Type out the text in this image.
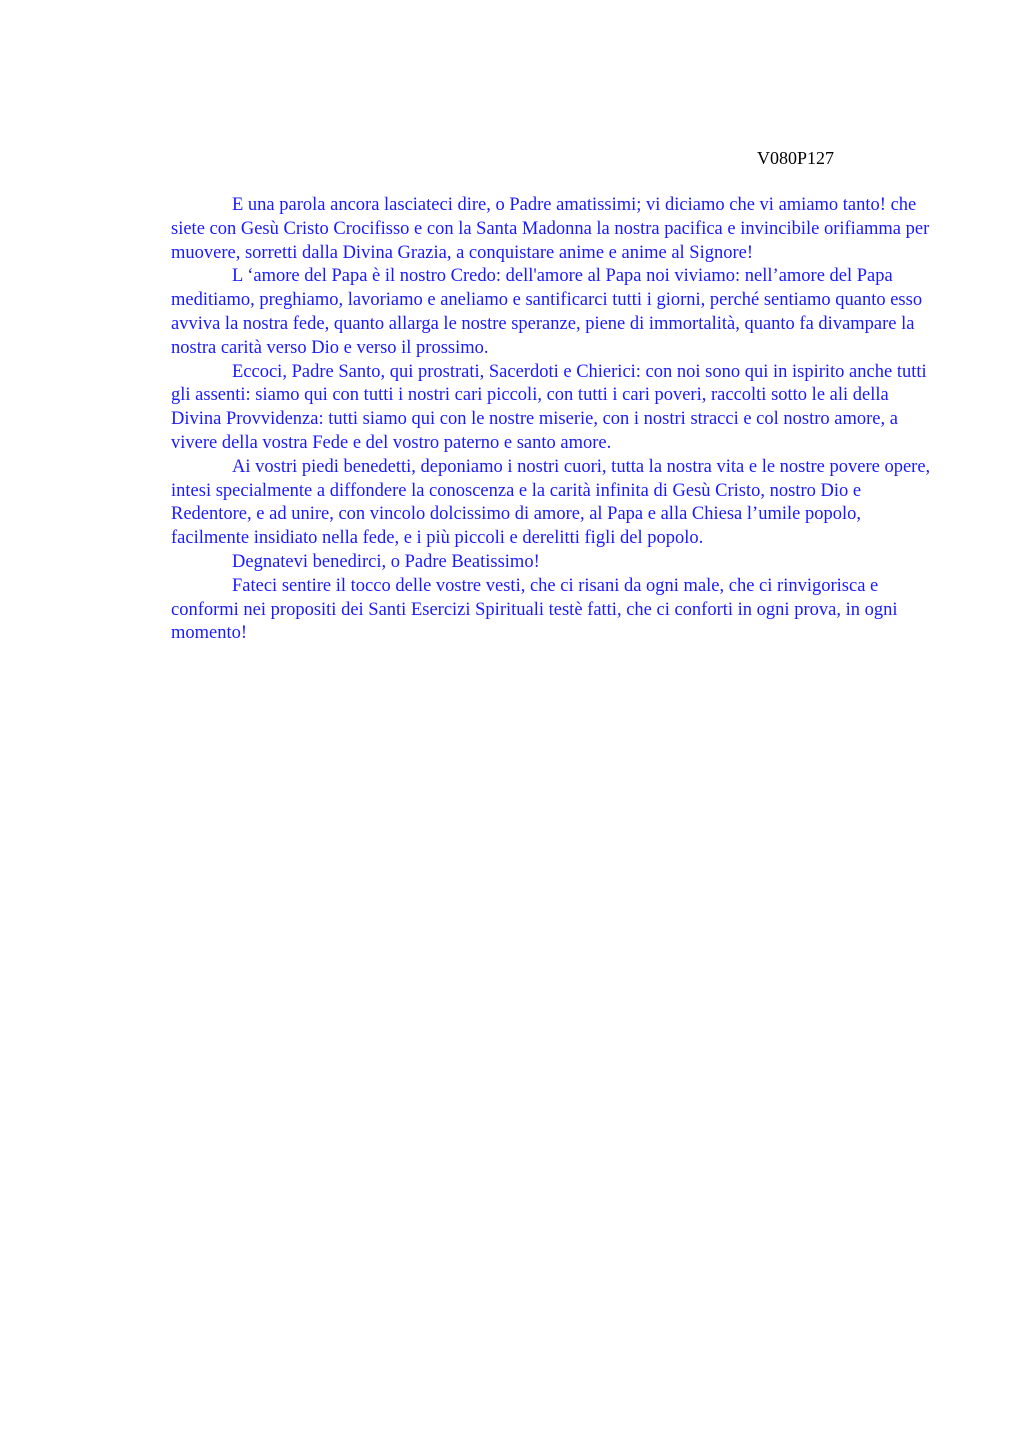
V080P127

E una parola ancora lasciateci dire, o Padre amatissimi; vi diciamo che vi amiamo tanto! che siete con Gesù Cristo Crocifisso e con la Santa Madonna la nostra pacifica e invincibile orifiamma per muovere, sorretti dalla Divina Grazia, a conquistare anime e anime al Signore!

L ‘amore del Papa è il nostro Credo: dell'amore al Papa noi viviamo: nell’amore del Papa meditiamo, preghiamo, lavoriamo e aneliamo e santificarci tutti i giorni, perché sentiamo quanto esso avviva la nostra fede, quanto allarga le nostre speranze, piene di immortalità, quanto fa divampare la nostra carità verso Dio e verso il prossimo.

Eccoci, Padre Santo, qui prostrati, Sacerdoti e Chierici: con noi sono qui in ispirito anche tutti gli assenti: siamo qui con tutti i nostri cari piccoli, con tutti i cari poveri, raccolti sotto le ali della Divina Provvidenza: tutti siamo qui con le nostre miserie, con i nostri stracci e col nostro amore, a vivere della vostra Fede e del vostro paterno e santo amore.

Ai vostri piedi benedetti, deponiamo i nostri cuori, tutta la nostra vita e le nostre povere opere, intesi specialmente a diffondere la conoscenza e la carità infinita di Gesù Cristo, nostro Dio e Redentore, e ad unire, con vincolo dolcissimo di amore, al Papa e alla Chiesa l’umile popolo, facilmente insidiato nella fede, e i più piccoli e derelitti figli del popolo.

Degnatevi benedirci, o Padre Beatissimo!

Fateci sentire il tocco delle vostre vesti, che ci risani da ogni male, che ci rinvigorisca e conformi nei propositi dei Santi Esercizi Spirituali testè fatti, che ci conforti in ogni prova, in ogni momento!
